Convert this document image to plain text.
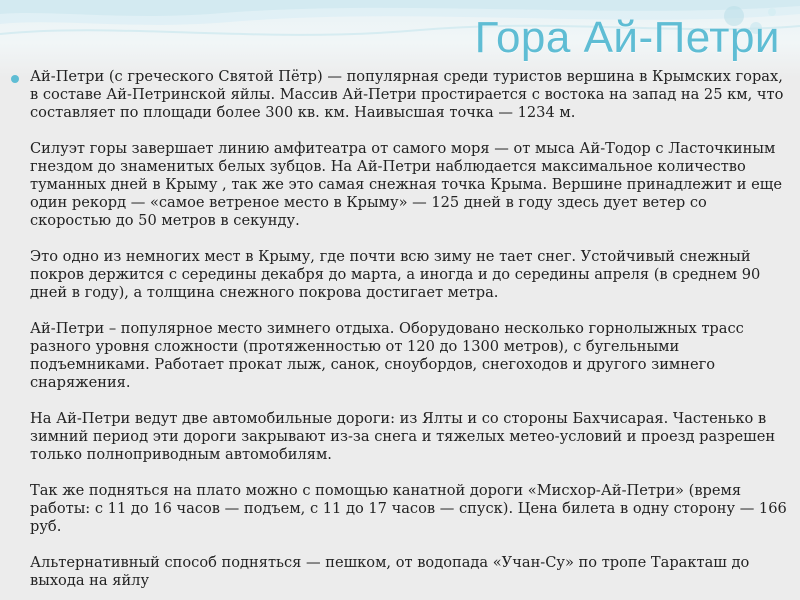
Гора Ай-Петри

Ай-Петри (с греческого Святой Пётр) — популярная среди туристов вершина в Крымских горах, в составе Ай-Петринской яйлы. Массив Ай-Петри простирается с востока на запад на 25 км, что составляет по площади более 300 кв. км. Наивысшая точка — 1234 м.

Силуэт горы завершает линию амфитеатра от самого моря — от мыса Ай-Тодор с Ласточкиным гнездом до знаменитых белых зубцов. На Ай-Петри наблюдается максимальное количество туманных дней в Крыму , так же это самая снежная точка Крыма. Вершине принадлежит и еще один рекорд — «самое ветреное место в Крыму» — 125 дней в году здесь дует ветер со скоростью до 50 метров в секунду.

Это одно из немногих мест в Крыму, где почти всю зиму не тает снег. Устойчивый снежный покров держится с середины декабря до марта, а иногда и до середины апреля (в среднем 90 дней в году), а толщина снежного покрова достигает метра.

Ай-Петри – популярное место зимнего отдыха. Оборудовано несколько горнолыжных трасс разного уровня сложности (протяженностью от 120 до 1300 метров), с бугельными подъемниками. Работает прокат лыж, санок, сноубордов, снегоходов и другого зимнего снаряжения.

На Ай-Петри ведут две автомобильные дороги: из Ялты и со стороны Бахчисарая. Частенько в зимний период эти дороги закрывают из-за снега и тяжелых метео-условий и проезд разрешен только полноприводным автомобилям.

Так же подняться на плато можно с помощью канатной дороги «Мисхор-Ай-Петри» (время работы: с 11 до 16 часов — подъем, с 11 до 17 часов — спуск). Цена билета в одну сторону — 166 руб.

Альтернативный способ подняться — пешком, от водопада «Учан-Су» по тропе Таракташ до выхода на яйлу
